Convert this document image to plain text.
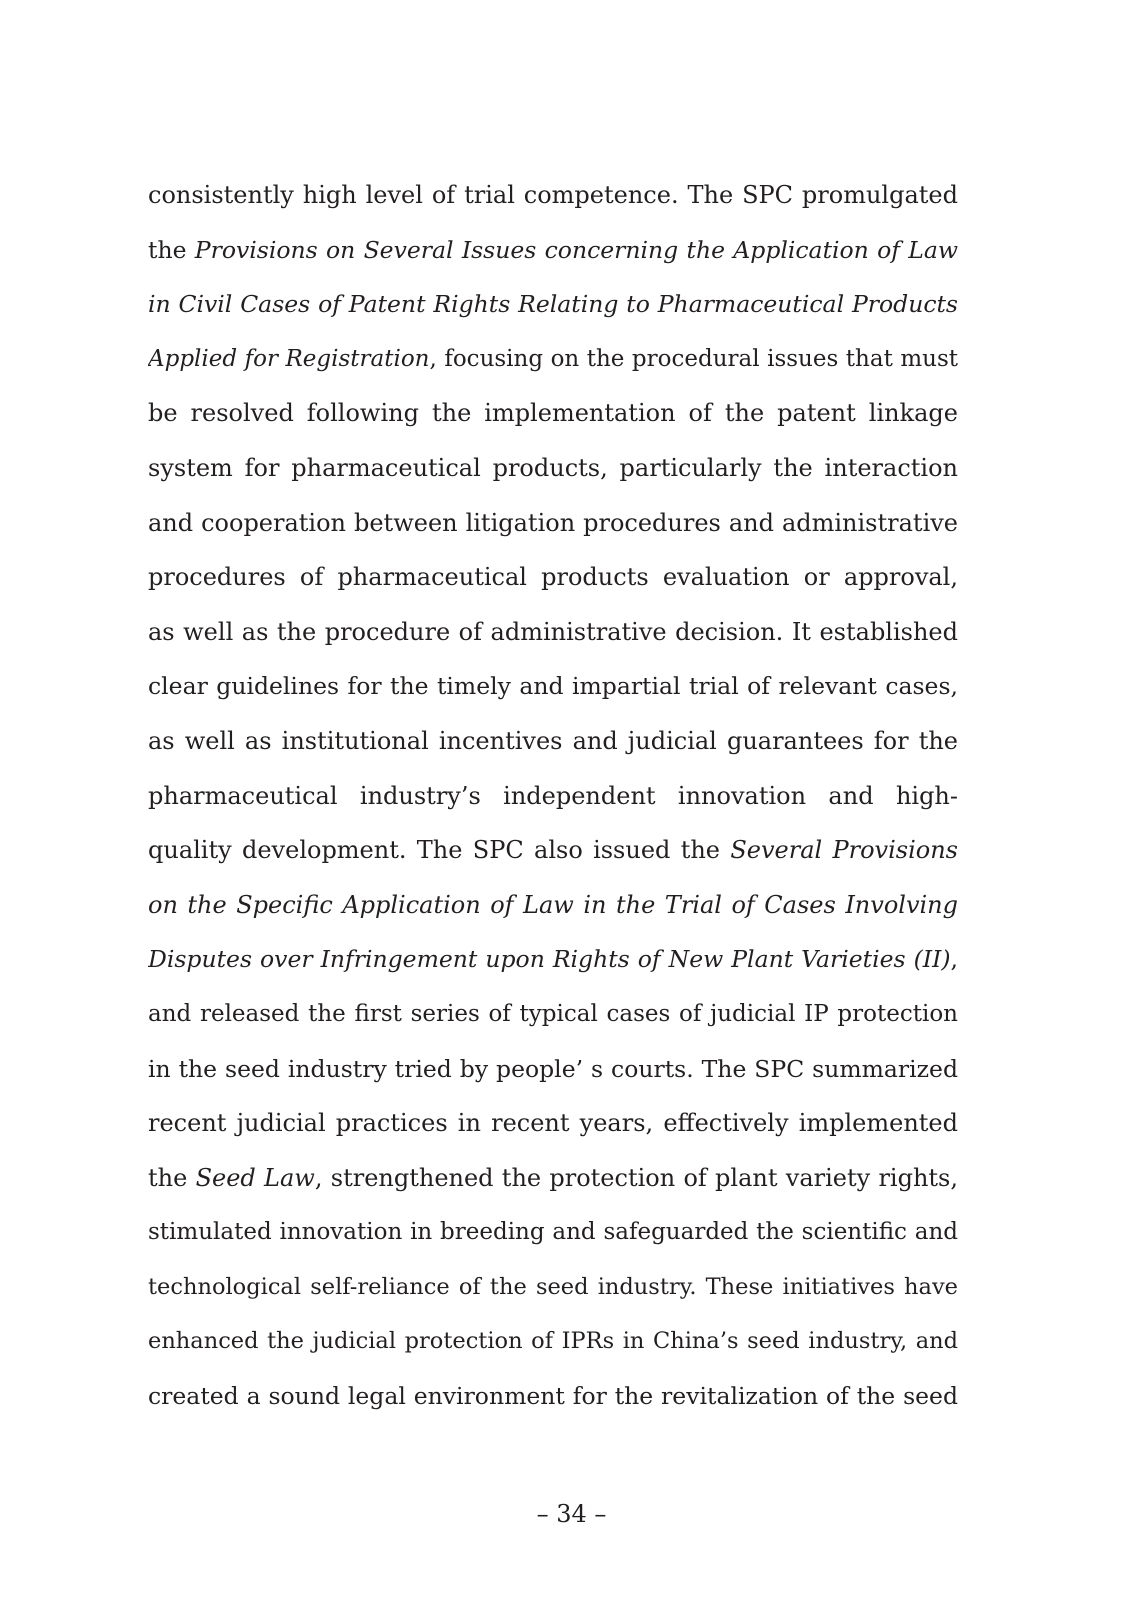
consistently high level of trial competence. The SPC promulgated
the Provisions on Several Issues concerning the Application of Law
in Civil Cases of Patent Rights Relating to Pharmaceutical Products
Applied for Registration, focusing on the procedural issues that must
be resolved following the implementation of the patent linkage
system for pharmaceutical products, particularly the interaction
and cooperation between litigation procedures and administrative
procedures of pharmaceutical products evaluation or approval,
as well as the procedure of administrative decision. It established
clear guidelines for the timely and impartial trial of relevant cases,
as well as institutional incentives and judicial guarantees for the
pharmaceutical industry’s independent innovation and high-
quality development. The SPC also issued the Several Provisions
on the Specific Application of Law in the Trial of Cases Involving
Disputes over Infringement upon Rights of New Plant Varieties (II),
and released the first series of typical cases of judicial IP protection
in the seed industry tried by people’ s courts. The SPC summarized
recent judicial practices in recent years, effectively implemented
the Seed Law, strengthened the protection of plant variety rights,
stimulated innovation in breeding and safeguarded the scientific and
technological self-reliance of the seed industry. These initiatives have
enhanced the judicial protection of IPRs in China’s seed industry, and
created a sound legal environment for the revitalization of the seed
– 34 –
